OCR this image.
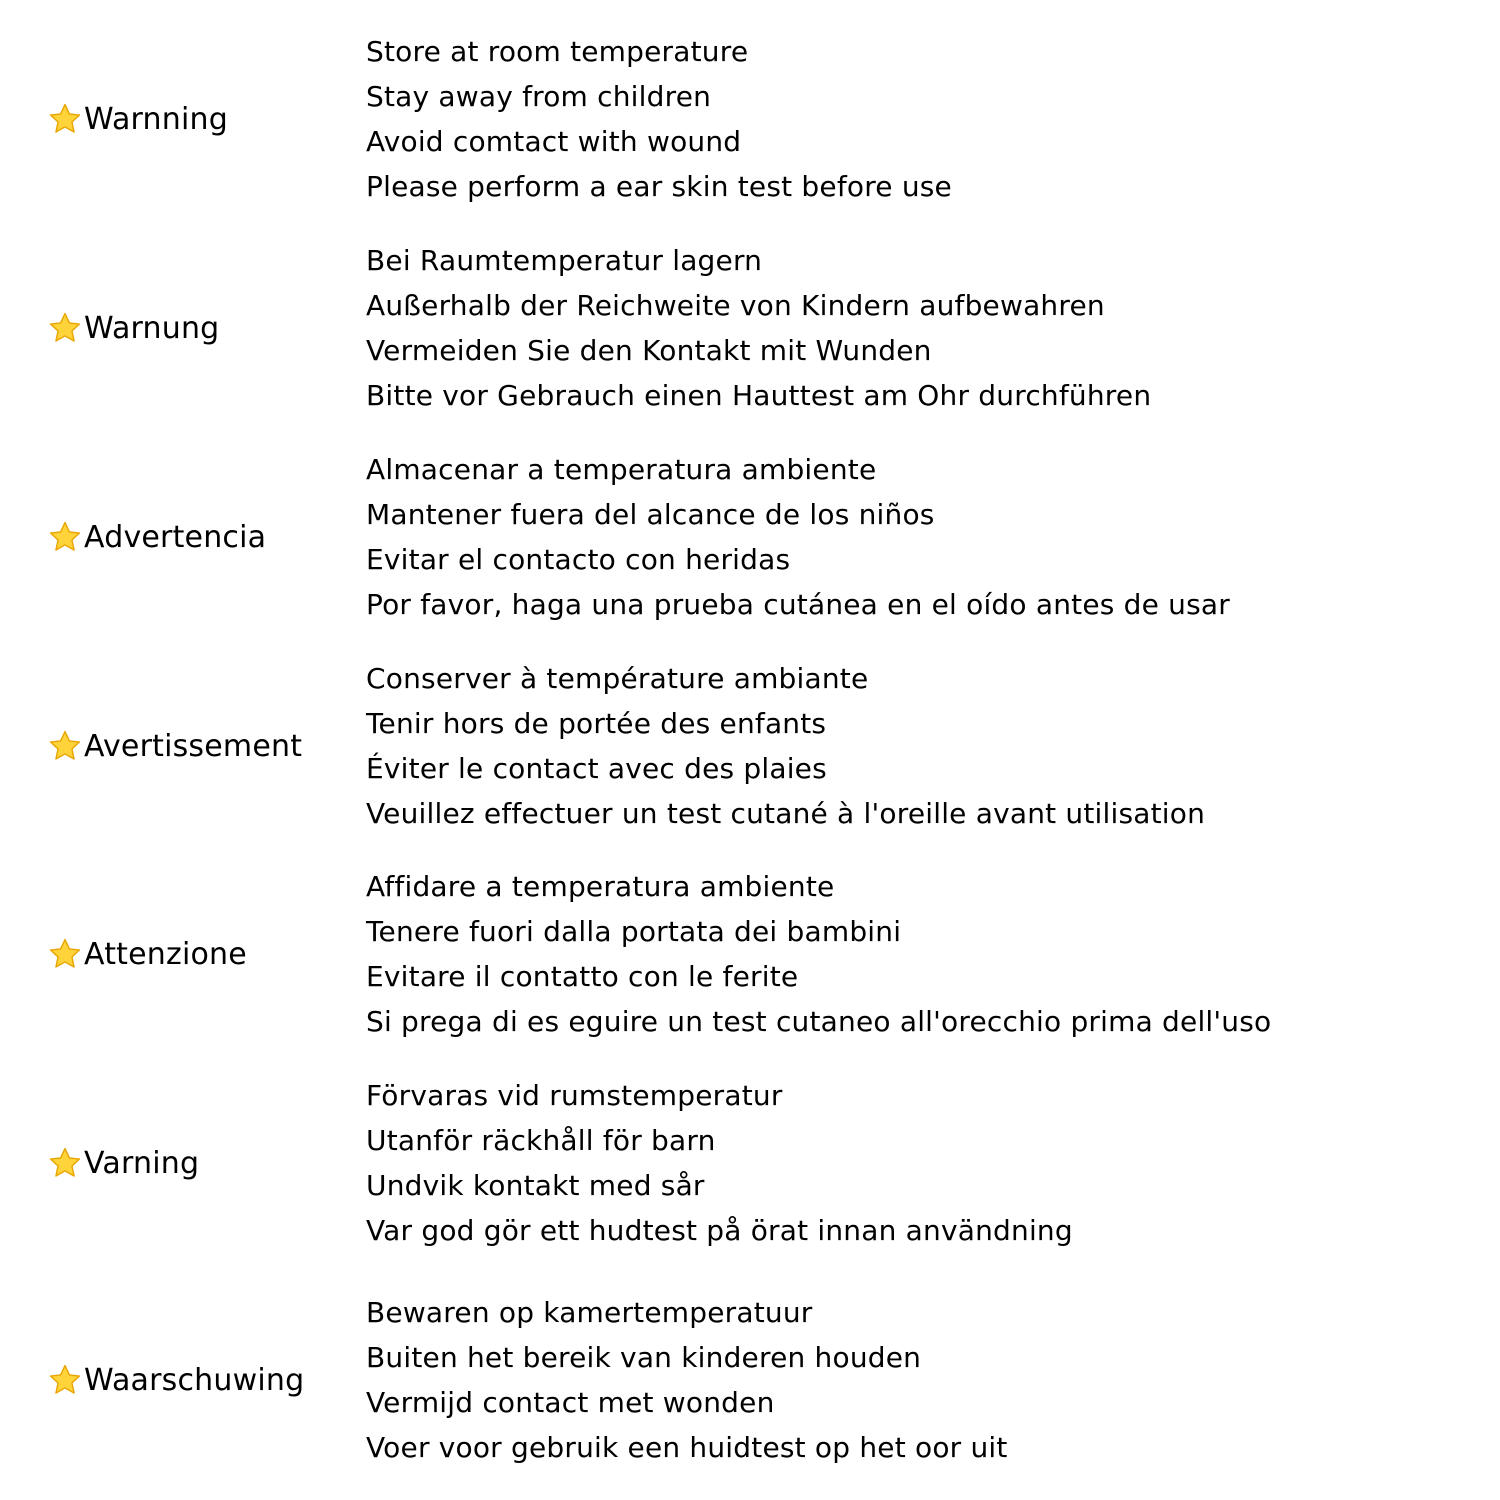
Warnning
Store at room temperature
Stay away from children
Avoid comtact with wound
Please perform a ear skin test before use
Warnung
Bei Raumtemperatur lagern
Außerhalb der Reichweite von Kindern aufbewahren
Vermeiden Sie den Kontakt mit Wunden
Bitte vor Gebrauch einen Hauttest am Ohr durchführen
Advertencia
Almacenar a temperatura ambiente
Mantener fuera del alcance de los niños
Evitar el contacto con heridas
Por favor, haga una prueba cutánea en el oído antes de usar
Avertissement
Conserver à température ambiante
Tenir hors de portée des enfants
Éviter le contact avec des plaies
Veuillez effectuer un test cutané à l'oreille avant utilisation
Attenzione
Affidare a temperatura ambiente
Tenere fuori dalla portata dei bambini
Evitare il contatto con le ferite
Si prega di es eguire un test cutaneo all'orecchio prima dell'uso
Varning
Förvaras vid rumstemperatur
Utanför räckhåll för barn
Undvik kontakt med sår
Var god gör ett hudtest på örat innan användning
Waarschuwing
Bewaren op kamertemperatuur
Buiten het bereik van kinderen houden
Vermijd contact met wonden
Voer voor gebruik een huidtest op het oor uit
